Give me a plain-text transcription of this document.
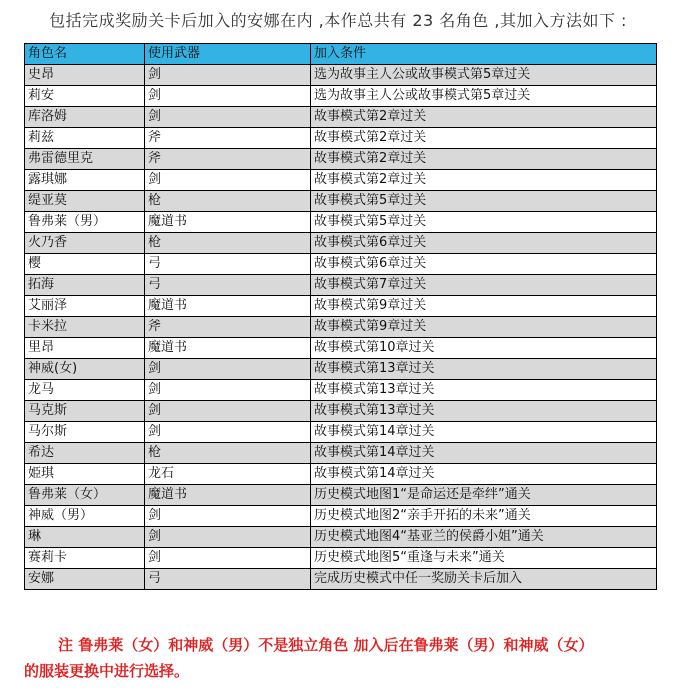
包括完成奖励关卡后加入的安娜在内 ,本作总共有 23 名角色 ,其加入方法如下 :
角色名	使用武器	加入条件
史昂	剑	选为故事主人公或故事模式第5章过关
莉安	剑	选为故事主人公或故事模式第5章过关
库洛姆	剑	故事模式第2章过关
莉兹	斧	故事模式第2章过关
弗雷德里克	斧	故事模式第2章过关
露琪娜	剑	故事模式第2章过关
缇亚莫	枪	故事模式第5章过关
鲁弗莱（男）	魔道书	故事模式第5章过关
火乃香	枪	故事模式第6章过关
樱	弓	故事模式第6章过关
拓海	弓	故事模式第7章过关
艾丽泽	魔道书	故事模式第9章过关
卡米拉	斧	故事模式第9章过关
里昂	魔道书	故事模式第10章过关
神威(女)	剑	故事模式第13章过关
龙马	剑	故事模式第13章过关
马克斯	剑	故事模式第13章过关
马尔斯	剑	故事模式第14章过关
希达	枪	故事模式第14章过关
姫琪	龙石	故事模式第14章过关
鲁弗莱（女）	魔道书	历史模式地图1“是命运还是牵绊”通关
神威（男）	剑	历史模式地图2“亲手开拓的未来”通关
琳	剑	历史模式地图4“基亚兰的侯爵小姐”通关
赛莉卡	剑	历史模式地图5“重逢与未来”通关
安娜	弓	完成历史模式中任一奖励关卡后加入
注 鲁弗莱（女）和神威（男）不是独立角色 加入后在鲁弗莱（男）和神威（女）
的服装更换中进行选择。
